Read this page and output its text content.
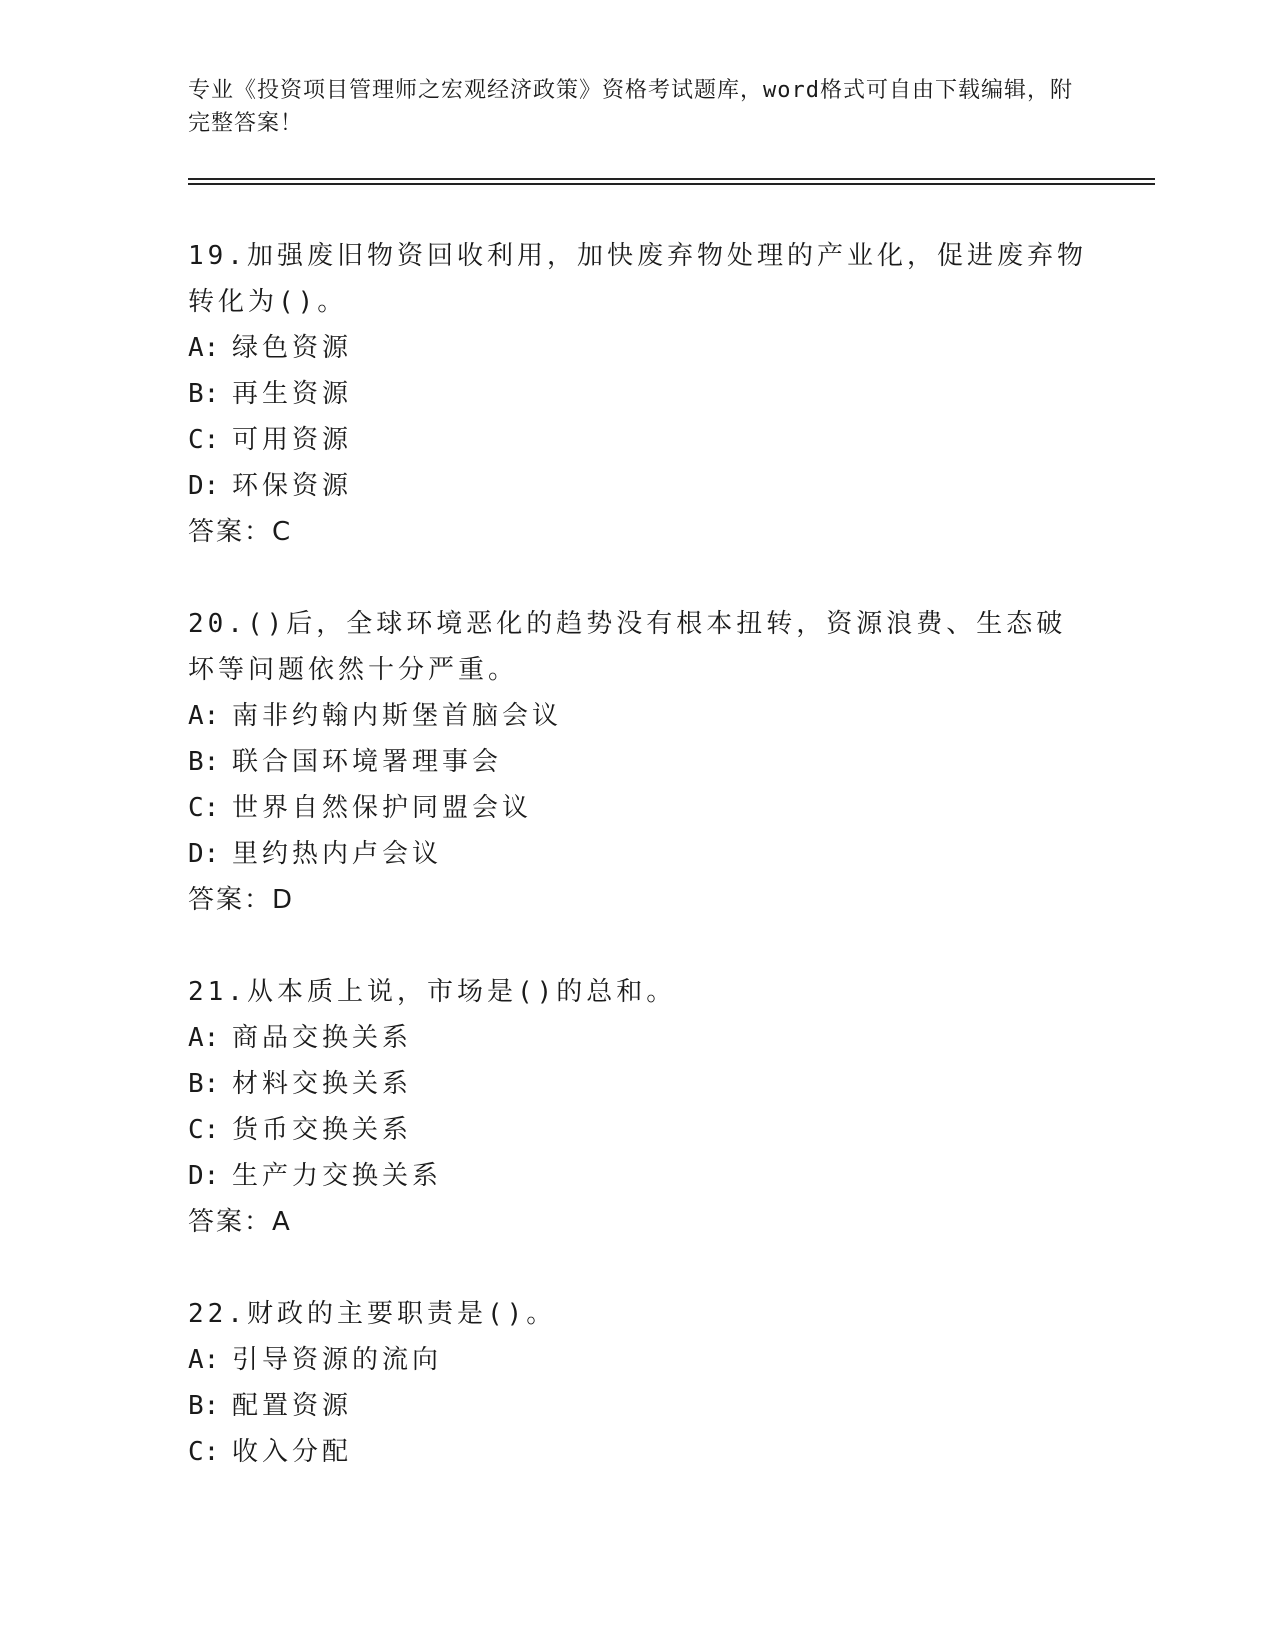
专业《投资项目管理师之宏观经济政策》资格考试题库，word格式可自由下载编辑，附完整答案！
19.加强废旧物资回收利用，加快废弃物处理的产业化，促进废弃物转化为()。
A: 绿色资源
B: 再生资源
C: 可用资源
D: 环保资源
答案：C
20.()后，全球环境恶化的趋势没有根本扭转，资源浪费、生态破坏等问题依然十分严重。
A: 南非约翰内斯堡首脑会议
B: 联合国环境署理事会
C: 世界自然保护同盟会议
D: 里约热内卢会议
答案：D
21.从本质上说，市场是()的总和。
A: 商品交换关系
B: 材料交换关系
C: 货币交换关系
D: 生产力交换关系
答案：A
22.财政的主要职责是()。
A: 引导资源的流向
B: 配置资源
C: 收入分配
